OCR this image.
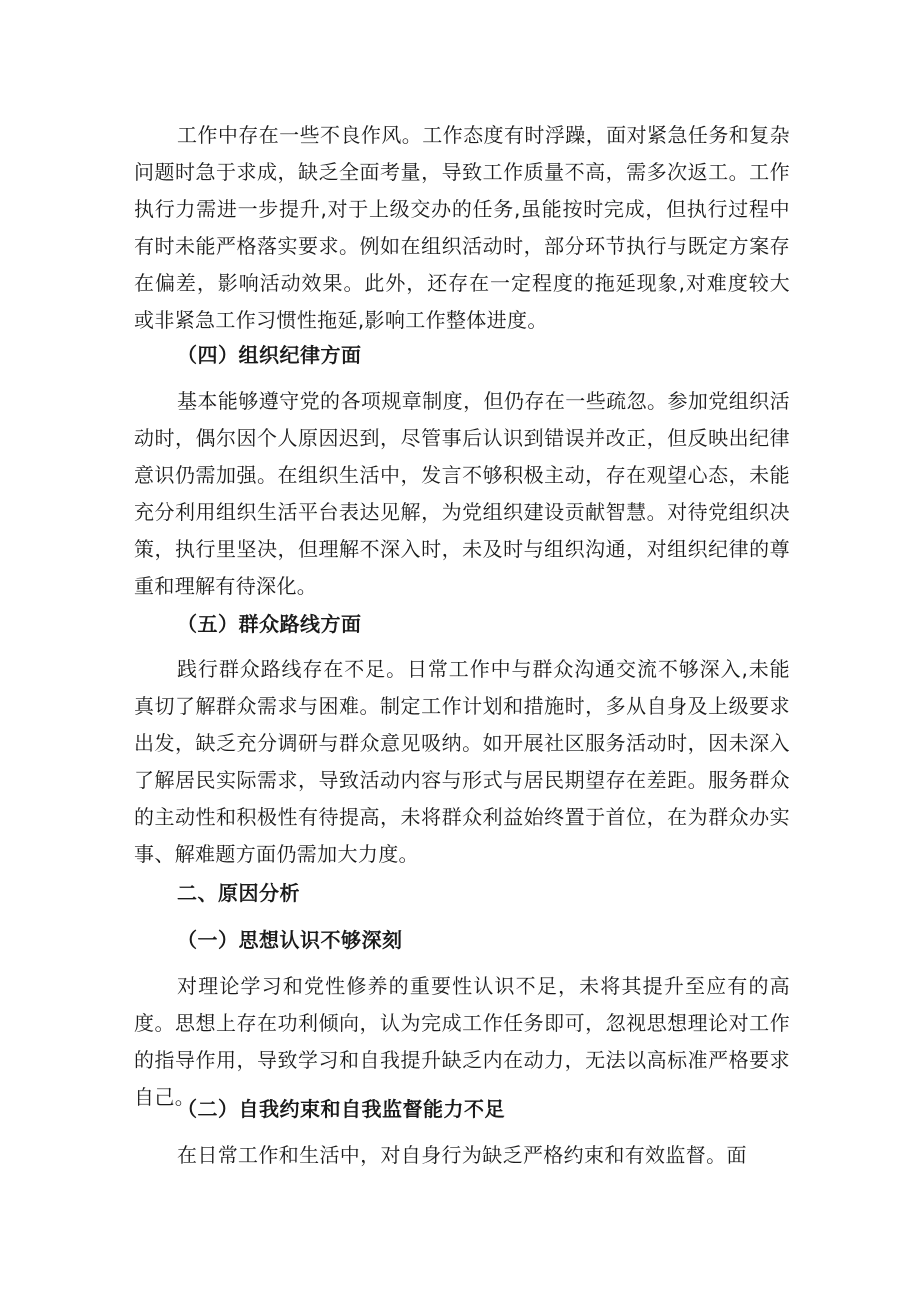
工作中存在一些不良作风。工作态度有时浮躁，面对紧急任务和复杂问题时急于求成，缺乏全面考量，导致工作质量不高，需多次返工。工作执行力需进一步提升,对于上级交办的任务,虽能按时完成，但执行过程中有时未能严格落实要求。例如在组织活动时，部分环节执行与既定方案存在偏差，影响活动效果。此外，还存在一定程度的拖延现象,对难度较大或非紧急工作习惯性拖延,影响工作整体进度。

（四）组织纪律方面

基本能够遵守党的各项规章制度，但仍存在一些疏忽。参加党组织活动时，偶尔因个人原因迟到，尽管事后认识到错误并改正，但反映出纪律意识仍需加强。在组织生活中，发言不够积极主动，存在观望心态，未能充分利用组织生活平台表达见解，为党组织建设贡献智慧。对待党组织决策，执行里坚决，但理解不深入时，未及时与组织沟通，对组织纪律的尊重和理解有待深化。

（五）群众路线方面

践行群众路线存在不足。日常工作中与群众沟通交流不够深入,未能真切了解群众需求与困难。制定工作计划和措施时，多从自身及上级要求出发，缺乏充分调研与群众意见吸纳。如开展社区服务活动时，因未深入了解居民实际需求，导致活动内容与形式与居民期望存在差距。服务群众的主动性和积极性有待提高，未将群众利益始终置于首位，在为群众办实事、解难题方面仍需加大力度。

二、原因分析
（一）思想认识不够深刻

对理论学习和党性修养的重要性认识不足，未将其提升至应有的高度。思想上存在功利倾向，认为完成工作任务即可，忽视思想理论对工作的指导作用，导致学习和自我提升缺乏内在动力，无法以高标准严格要求自己。

（二）自我约束和自我监督能力不足

在日常工作和生活中，对自身行为缺乏严格约束和有效监督。面
